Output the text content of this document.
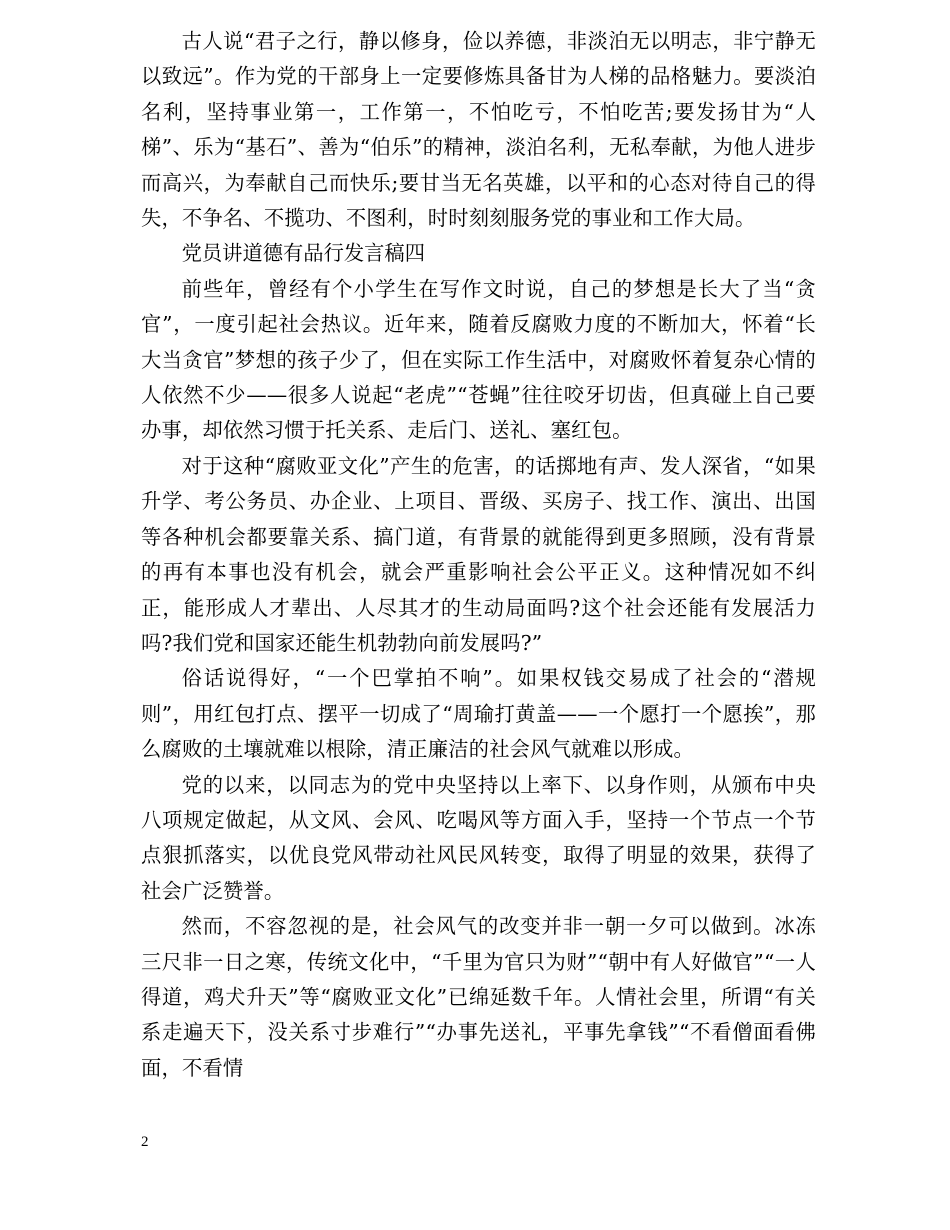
古人说“君子之行，静以修身，俭以养德，非淡泊无以明志，非宁静无以致远”。作为党的干部身上一定要修炼具备甘为人梯的品格魅力。要淡泊名利，坚持事业第一，工作第一，不怕吃亏，不怕吃苦;要发扬甘为“人梯”、乐为“基石”、善为“伯乐”的精神，淡泊名利，无私奉献，为他人进步而高兴，为奉献自己而快乐;要甘当无名英雄，以平和的心态对待自己的得失，不争名、不揽功、不图利，时时刻刻服务党的事业和工作大局。

党员讲道德有品行发言稿四

前些年，曾经有个小学生在写作文时说，自己的梦想是长大了当“贪官”，一度引起社会热议。近年来，随着反腐败力度的不断加大，怀着“长大当贪官”梦想的孩子少了，但在实际工作生活中，对腐败怀着复杂心情的人依然不少——很多人说起“老虎”“苍蝇”往往咬牙切齿，但真碰上自己要办事，却依然习惯于托关系、走后门、送礼、塞红包。

对于这种“腐败亚文化”产生的危害，的话掷地有声、发人深省，“如果升学、考公务员、办企业、上项目、晋级、买房子、找工作、演出、出国等各种机会都要靠关系、搞门道，有背景的就能得到更多照顾，没有背景的再有本事也没有机会，就会严重影响社会公平正义。这种情况如不纠正，能形成人才辈出、人尽其才的生动局面吗?这个社会还能有发展活力吗?我们党和国家还能生机勃勃向前发展吗?”

俗话说得好，“一个巴掌拍不响”。如果权钱交易成了社会的“潜规则”，用红包打点、摆平一切成了“周瑜打黄盖——一个愿打一个愿挨”，那么腐败的土壤就难以根除，清正廉洁的社会风气就难以形成。

党的以来，以同志为的党中央坚持以上率下、以身作则，从颁布中央八项规定做起，从文风、会风、吃喝风等方面入手，坚持一个节点一个节点狠抓落实，以优良党风带动社风民风转变，取得了明显的效果，获得了社会广泛赞誉。

然而，不容忽视的是，社会风气的改变并非一朝一夕可以做到。冰冻三尺非一日之寒，传统文化中，“千里为官只为财”“朝中有人好做官”“一人得道，鸡犬升天”等“腐败亚文化”已绵延数千年。人情社会里，所谓“有关系走遍天下，没关系寸步难行”“办事先送礼，平事先拿钱”“不看僧面看佛面，不看情

2
